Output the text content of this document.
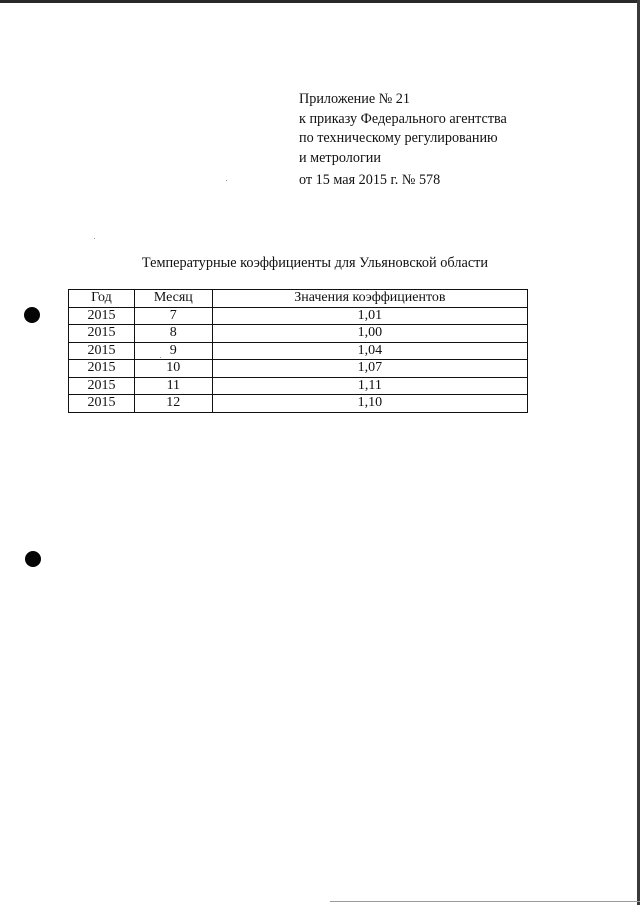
Приложение № 21
к приказу Федерального агентства
по техническому регулированию
и метрологии
от 15 мая 2015 г. № 578
Температурные коэффициенты для Ульяновской области
Год	Месяц	Значения коэффициентов
2015	7	1,01
2015	8	1,00
2015	9	1,04
2015	10	1,07
2015	11	1,11
2015	12	1,10
